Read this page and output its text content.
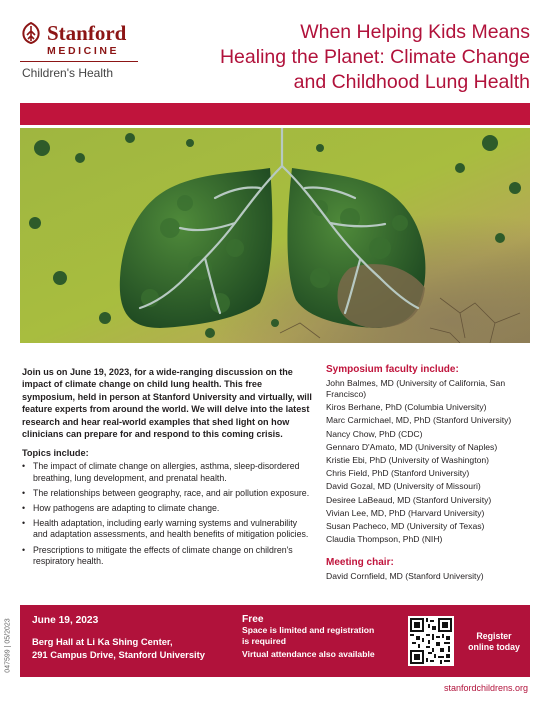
Stanford
MEDICINE
Children's Health
When Helping Kids Means
Healing the Planet: Climate Change
and Childhood Lung Health

Join us on June 19, 2023, for a wide-ranging discussion on the impact of climate change on child lung health. This free symposium, held in person at Stanford University and virtually, will feature experts from around the world. We will delve into the latest research and hear real-world examples that shed light on how clinicians can prepare for and respond to this coming crisis.

Topics include:
• The impact of climate change on allergies, asthma, sleep-disordered breathing, lung development, and prenatal health.
• The relationships between geography, race, and air pollution exposure.
• How pathogens are adapting to climate change.
• Health adaptation, including early warning systems and vulnerability and adaptation assessments, and health benefits of mitigation policies.
• Prescriptions to mitigate the effects of climate change on children's respiratory health.
Symposium faculty include:
John Balmes, MD (University of California, San Francisco)
Kiros Berhane, PhD (Columbia University)
Marc Carmichael, MD, PhD (Stanford University)
Nancy Chow, PhD (CDC)
Gennaro D'Amato, MD (University of Naples)
Kristie Ebi, PhD (University of Washington)
Chris Field, PhD (Stanford University)
David Gozal, MD (University of Missouri)
Desiree LaBeaud, MD (Stanford University)
Vivian Lee, MD, PhD (Harvard University)
Susan Pacheco, MD (University of Texas)
Claudia Thompson, PhD (NIH)
Meeting chair:
David Cornfield, MD (Stanford University)
June 19, 2023
Berg Hall at Li Ka Shing Center,
291 Campus Drive, Stanford University
Free
Space is limited and registration
is required
Virtual attendance also available
Register
online today
047599 | 05/2023
stanfordchildrens.org
